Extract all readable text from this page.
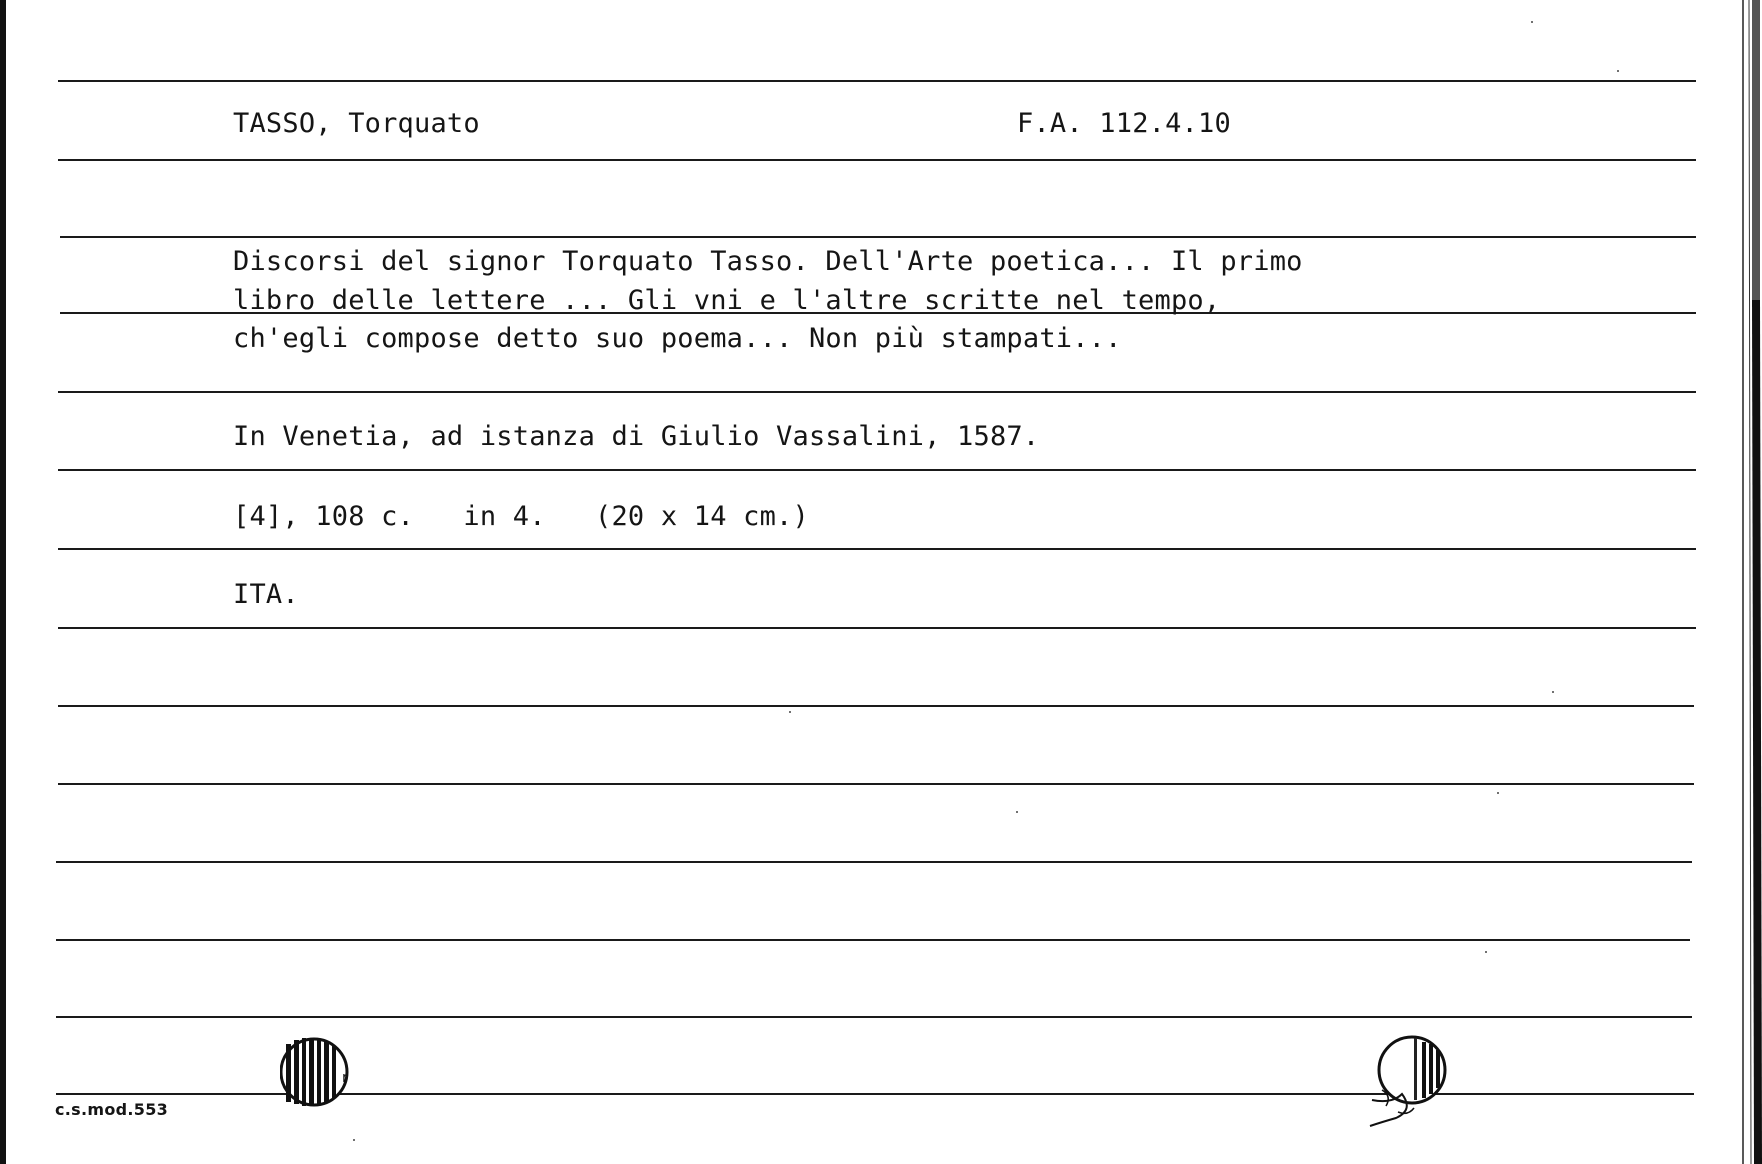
TASSO, Torquato	F.A. 112.4.10
Discorsi del signor Torquato Tasso. Dell'Arte poetica... Il primo
libro delle lettere ... Gli vni e l'altre scritte nel tempo,
ch'egli compose detto suo poema... Non più stampati...
In Venetia, ad istanza di Giulio Vassalini, 1587.
[4], 108 c.   in 4.   (20 x 14 cm.)
ITA.
c.s.mod.553
r
